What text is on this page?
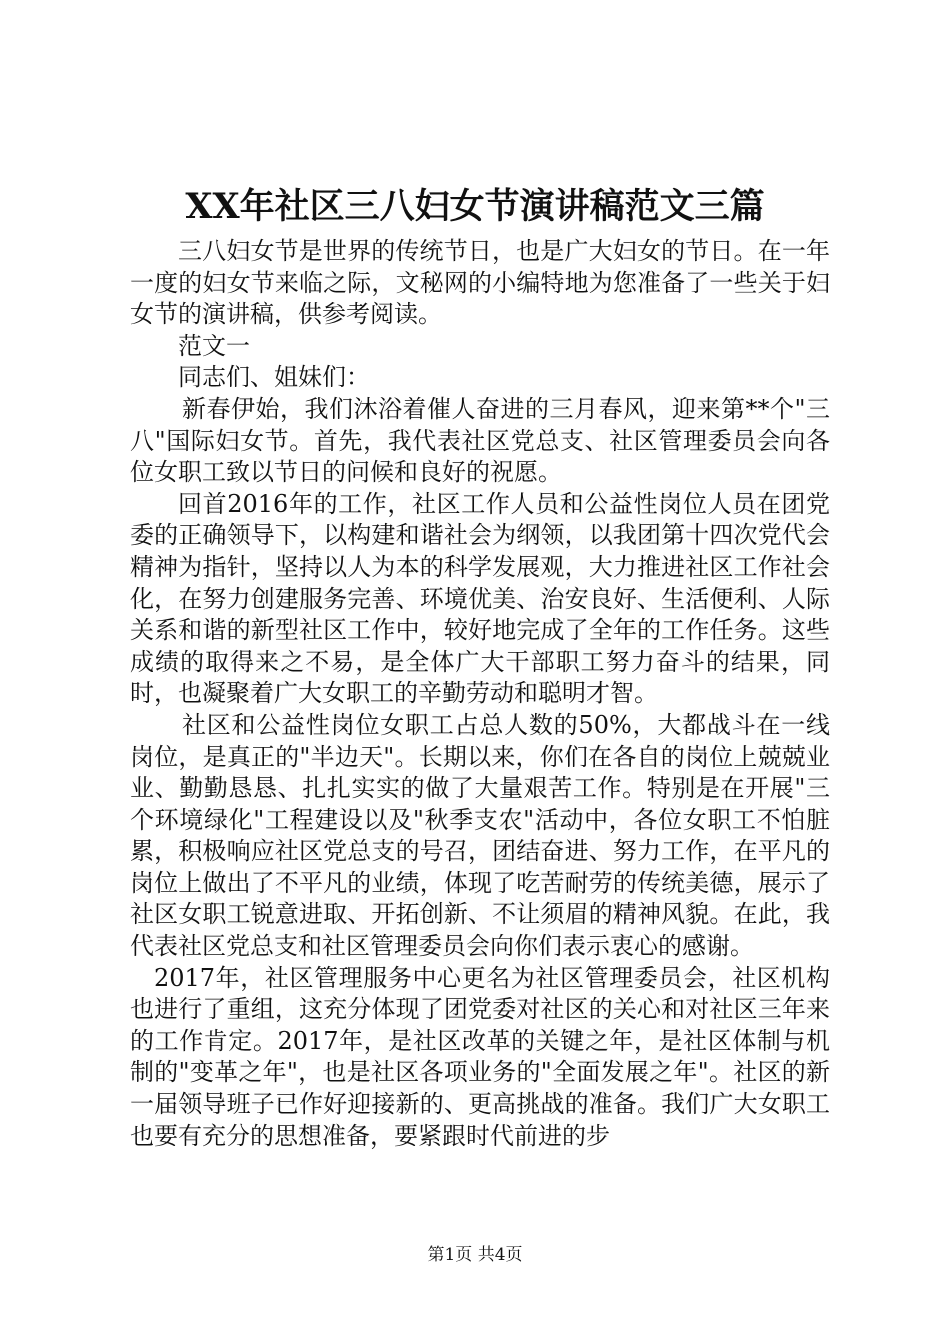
XX年社区三八妇女节演讲稿范文三篇

三八妇女节是世界的传统节日，也是广大妇女的节日。在一年一度的妇女节来临之际，文秘网的小编特地为您准备了一些关于妇女节的演讲稿，供参考阅读。

范文一

同志们、姐妹们：

新春伊始，我们沐浴着催人奋进的三月春风，迎来第**个"三八"国际妇女节。首先，我代表社区党总支、社区管理委员会向各位女职工致以节日的问候和良好的祝愿。

回首2016年的工作，社区工作人员和公益性岗位人员在团党委的正确领导下，以构建和谐社会为纲领，以我团第十四次党代会精神为指针，坚持以人为本的科学发展观，大力推进社区工作社会化，在努力创建服务完善、环境优美、治安良好、生活便利、人际关系和谐的新型社区工作中，较好地完成了全年的工作任务。这些成绩的取得来之不易，是全体广大干部职工努力奋斗的结果，同时，也凝聚着广大女职工的辛勤劳动和聪明才智。

社区和公益性岗位女职工占总人数的50%，大都战斗在一线岗位，是真正的"半边天"。长期以来，你们在各自的岗位上兢兢业业、勤勤恳恳、扎扎实实的做了大量艰苦工作。特别是在开展"三个环境绿化"工程建设以及"秋季支农"活动中，各位女职工不怕脏累，积极响应社区党总支的号召，团结奋进、努力工作，在平凡的岗位上做出了不平凡的业绩，体现了吃苦耐劳的传统美德，展示了社区女职工锐意进取、开拓创新、不让须眉的精神风貌。在此，我代表社区党总支和社区管理委员会向你们表示衷心的感谢。

2017年，社区管理服务中心更名为社区管理委员会，社区机构也进行了重组，这充分体现了团党委对社区的关心和对社区三年来的工作肯定。2017年，是社区改革的关键之年，是社区体制与机制的"变革之年"，也是社区各项业务的"全面发展之年"。社区的新一届领导班子已作好迎接新的、更高挑战的准备。我们广大女职工也要有充分的思想准备，要紧跟时代前进的步

第1页 共4页
